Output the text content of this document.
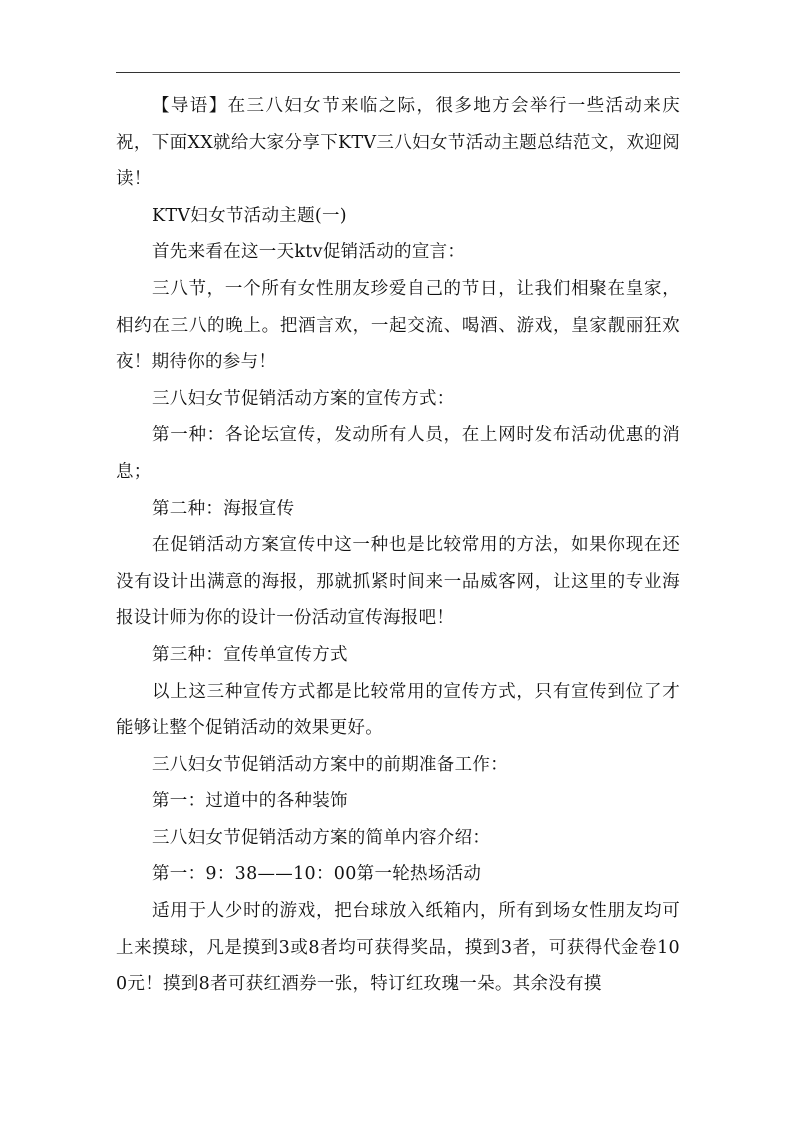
【导语】在三八妇女节来临之际，很多地方会举行一些活动来庆祝，下面XX就给大家分享下KTV三八妇女节活动主题总结范文，欢迎阅读！

KTV妇女节活动主题(一)

首先来看在这一天ktv促销活动的宣言：

三八节，一个所有女性朋友珍爱自己的节日，让我们相聚在皇家，相约在三八的晚上。把酒言欢，一起交流、喝酒、游戏，皇家靓丽狂欢夜！期待你的参与！

三八妇女节促销活动方案的宣传方式：

第一种：各论坛宣传，发动所有人员，在上网时发布活动优惠的消息；

第二种：海报宣传

在促销活动方案宣传中这一种也是比较常用的方法，如果你现在还没有设计出满意的海报，那就抓紧时间来一品威客网，让这里的专业海报设计师为你的设计一份活动宣传海报吧！

第三种：宣传单宣传方式

以上这三种宣传方式都是比较常用的宣传方式，只有宣传到位了才能够让整个促销活动的效果更好。

三八妇女节促销活动方案中的前期准备工作：

第一：过道中的各种装饰

三八妇女节促销活动方案的简单内容介绍：

第一：9：38——10：00第一轮热场活动

适用于人少时的游戏，把台球放入纸箱内，所有到场女性朋友均可上来摸球，凡是摸到3或8者均可获得奖品，摸到3者，可获得代金卷100元！摸到8者可获红酒券一张，特订红玫瑰一朵。其余没有摸
